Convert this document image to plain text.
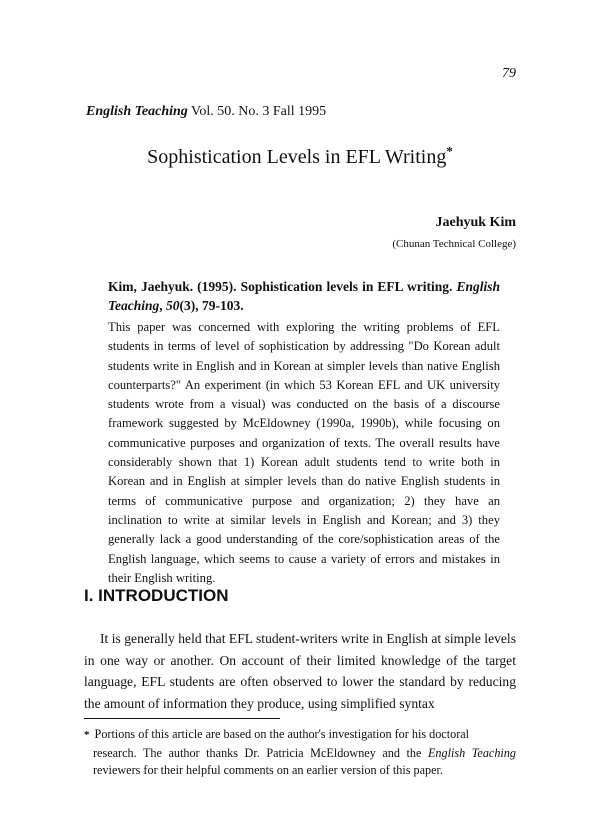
79
English Teaching Vol. 50. No. 3 Fall 1995
Sophistication Levels in EFL Writing*
Jaehyuk Kim
(Chunan Technical College)
Kim, Jaehyuk. (1995). Sophistication levels in EFL writing. English Teaching, 50(3), 79-103.
This paper was concerned with exploring the writing problems of EFL students in terms of level of sophistication by addressing "Do Korean adult students write in English and in Korean at simpler levels than native English counterparts?" An experiment (in which 53 Korean EFL and UK university students wrote from a visual) was conducted on the basis of a discourse framework suggested by McEldowney (1990a, 1990b), while focusing on communicative purposes and organization of texts. The overall results have considerably shown that 1) Korean adult students tend to write both in Korean and in English at simpler levels than do native English students in terms of communicative purpose and organization; 2) they have an inclination to write at similar levels in English and Korean; and 3) they generally lack a good understanding of the core/sophistication areas of the English language, which seems to cause a variety of errors and mistakes in their English writing.
I. INTRODUCTION
It is generally held that EFL student-writers write in English at simple levels in one way or another. On account of their limited knowledge of the target language, EFL students are often observed to lower the standard by reducing the amount of information they produce, using simplified syntax
* Portions of this article are based on the author's investigation for his doctoral
research. The author thanks Dr. Patricia McEldowney and the English Teaching reviewers for their helpful comments on an earlier version of this paper.
